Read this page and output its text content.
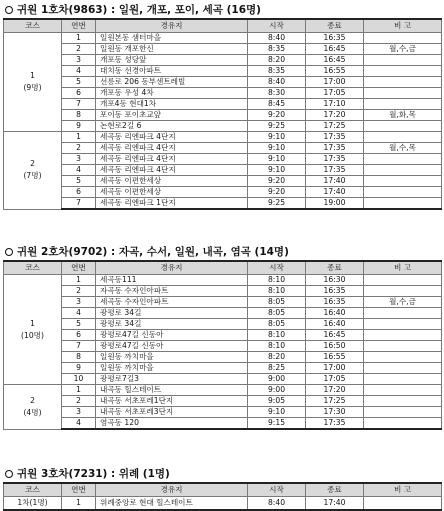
귀원 1호차(9863) : 일원, 개포, 포이, 세곡 (16명)
코스	연번	경유지	시작	종료	비 고

1
(9명)	1	일원본동 샘터마을	8:40	16:35	
	2	일원동 개포한신	8:35	16:45	월,수,금
	3	개포동 성당앞	8:20	16:45	
	4	대치동 선경아파트	8:35	16:55	
	5	선릉로 206 동부센트레빌	8:40	17:00	
	6	개포동 우성 4차	8:30	17:05	
	7	개포4동 현대1차	8:45	17:10	
	8	포이동 포이초교앞	9:20	17:20	월,화,목
	9	논현로2길 6	9:25	17:25	

2
(7명)	1	세곡동 리엔파크 4단지	9:10	17:35	
	2	세곡동 리엔파크 4단지	9:10	17:35	월,수,목
	3	세곡동 리엔파크 4단지	9:10	17:35	
	4	세곡동 리엔파크 4단지	9:10	17:35	
	5	세곡동 이편한세상	9:20	17:40	
	6	세곡동 이편한세상	9:20	17:40	
	7	세곡동 리엔파크 1단지	9:25	19:00	
귀원 2호차(9702) : 자곡, 수서, 일원, 내곡, 염곡 (14명)
코스	연번	경유지	시작	종료	비 고

1
(10명)	1	세곡동111	8:10	16:30	
	2	자곡동 수자인아파트	8:10	16:35	
	3	세곡동 수자인아파트	8:05	16:35	월,수,금
	4	광평로 34길	8:05	16:40	
	5	광평로 34길	8:05	16:40	
	6	광평로47길 신동아	8:10	16:45	
	7	광평로47길 신동아	8:10	16:50	
	8	일원동 까치마을	8:20	16:55	
	9	일원동 까치마을	8:25	17:00	
	10	광평로7길3	9:00	17:05	

2
(4명)	1	내곡동 힐스테이트	9:00	17:20	
	2	내곡동 서초포레1단지	9:05	17:25	
	3	내곡동 서초포레3단지	9:10	17:30	
	4	염곡동 120	9:15	17:35	
귀원 3호차(7231) : 위례 (1명)
코스	연번	경유지	시작	종료	비 고
1차(1명)	1	위례중앙로 현대 힐스테이트	8:40	17:40	
